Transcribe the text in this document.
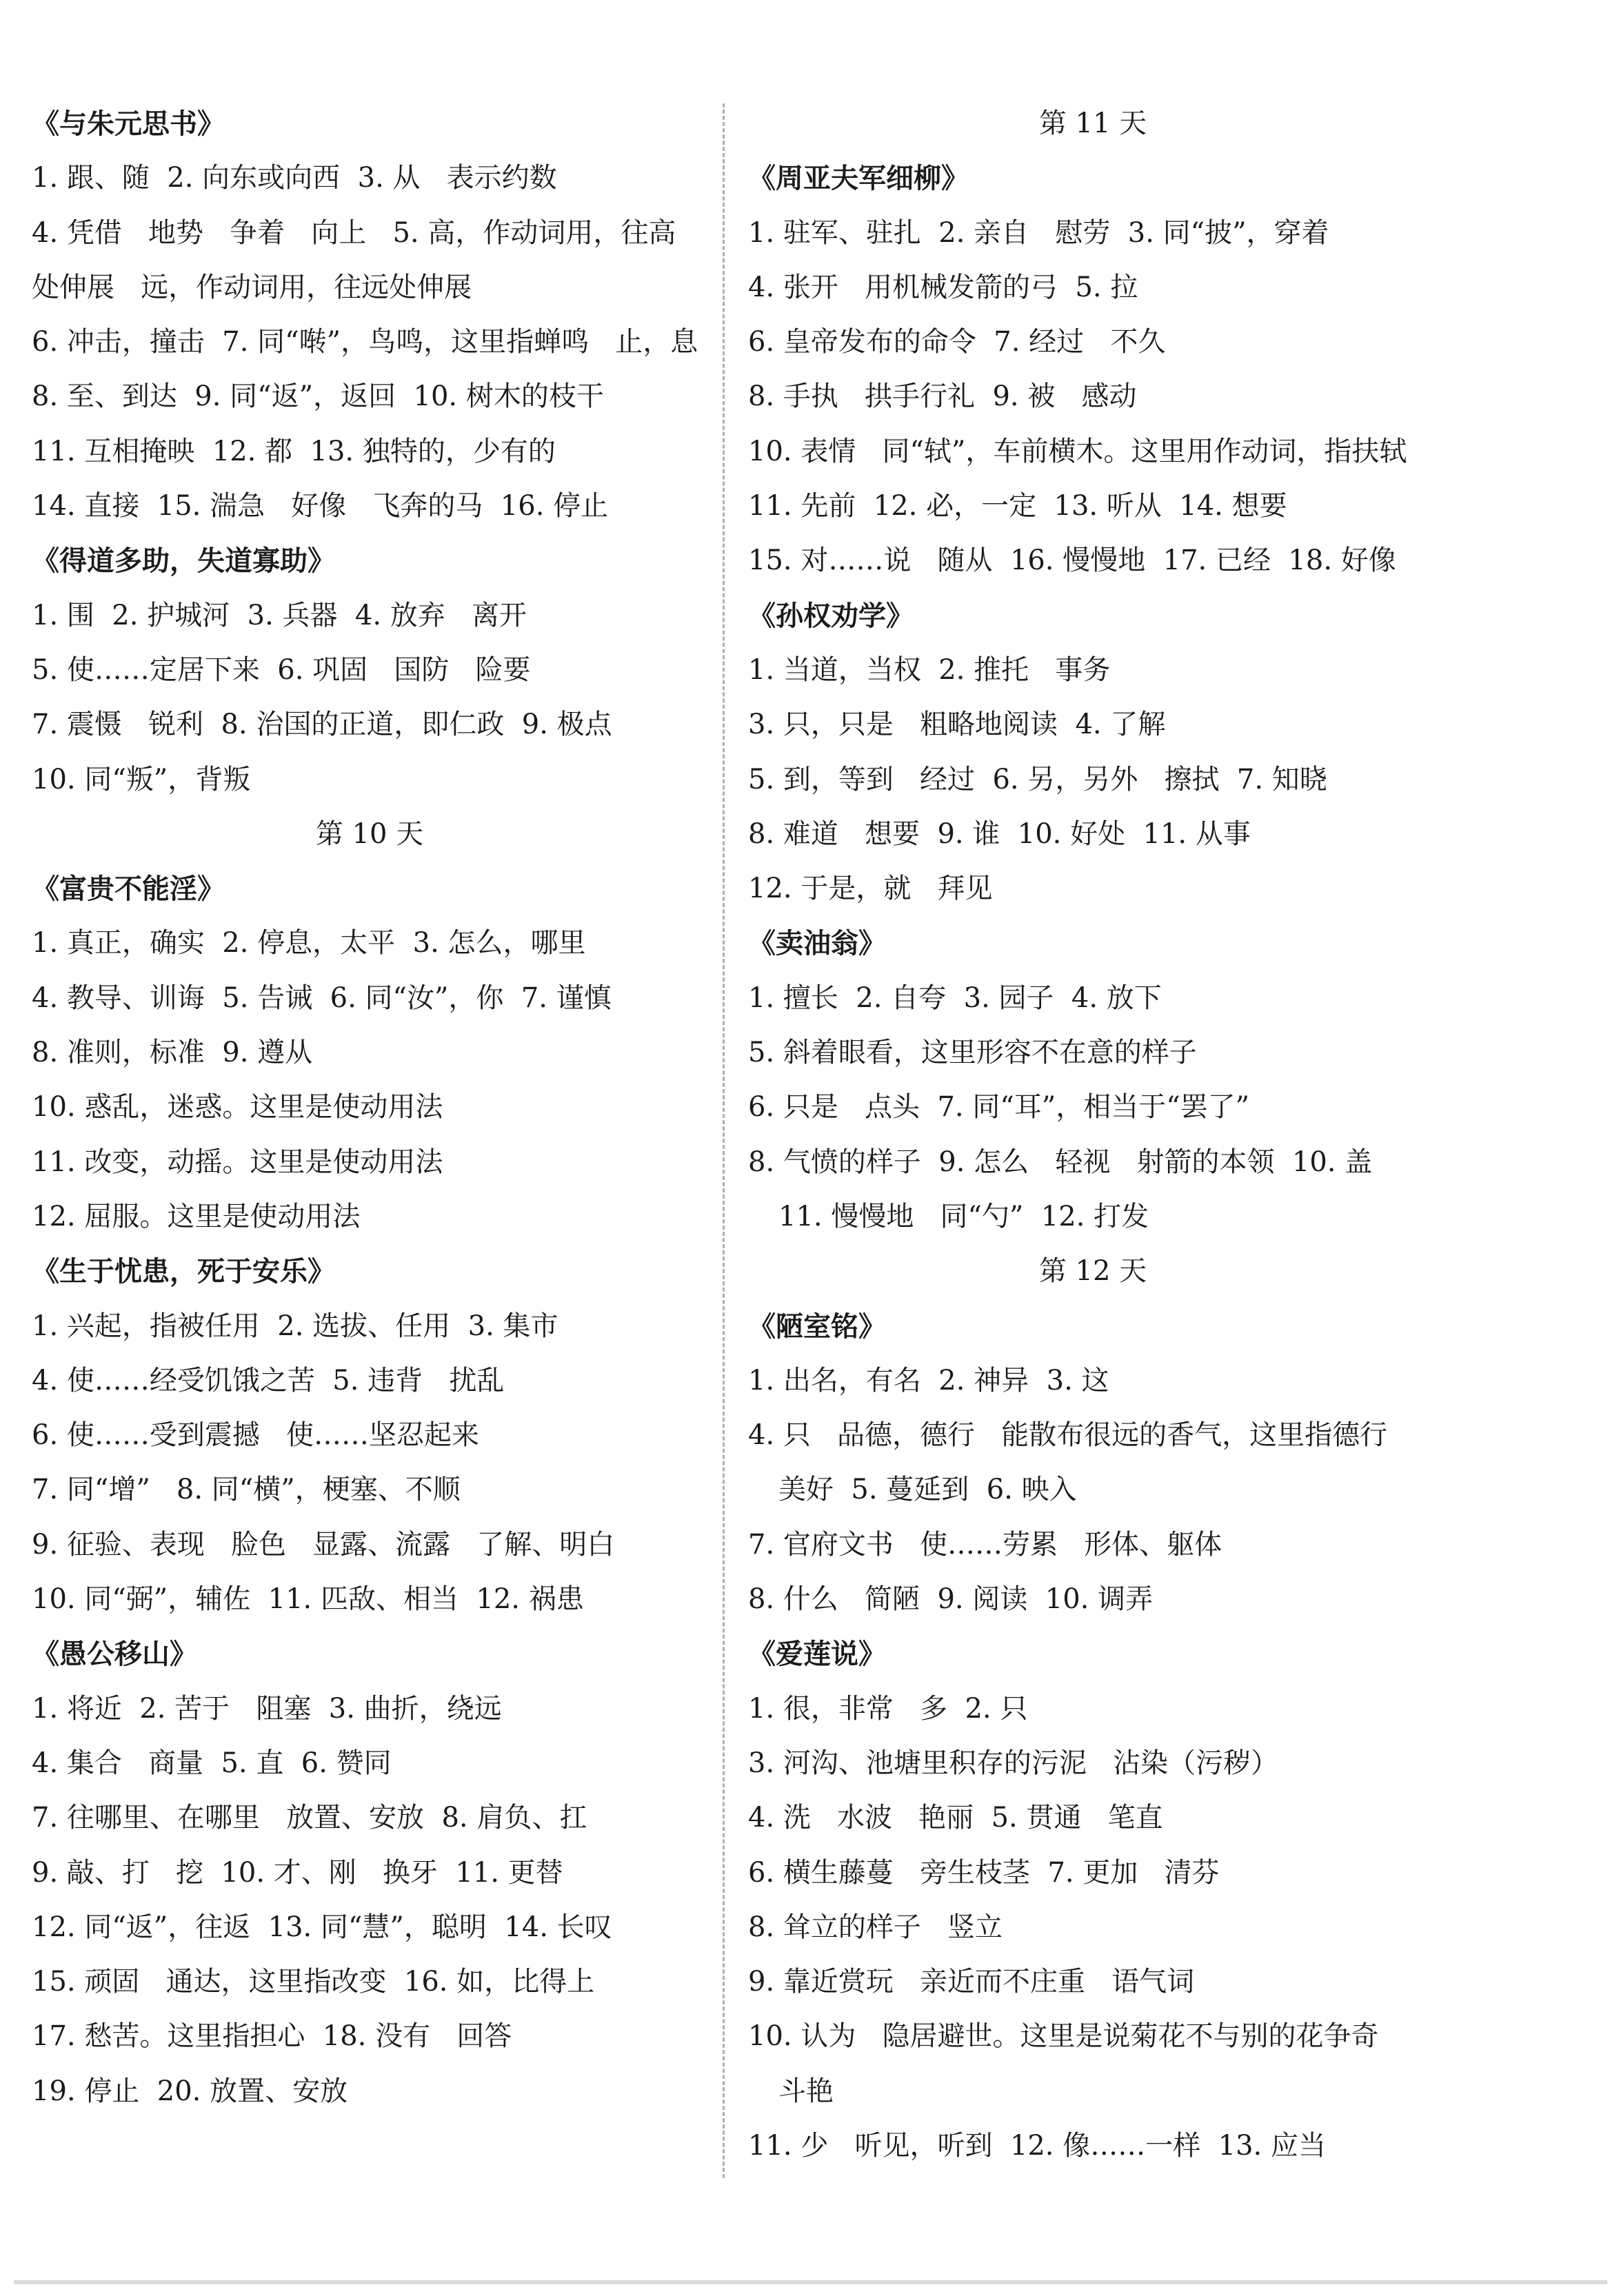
《与朱元思书》
1. 跟、随  2. 向东或向西  3. 从   表示约数
4. 凭借   地势   争着   向上   5. 高，作动词用，往高
处伸展   远，作动词用，往远处伸展
6. 冲击，撞击  7. 同“啭”，鸟鸣，这里指蝉鸣   止，息
8. 至、到达  9. 同“返”，返回  10. 树木的枝干
11. 互相掩映  12. 都  13. 独特的，少有的
14. 直接  15. 湍急   好像   飞奔的马  16. 停止
《得道多助，失道寡助》
1. 围  2. 护城河  3. 兵器  4. 放弃   离开
5. 使……定居下来  6. 巩固   国防   险要
7. 震慑   锐利  8. 治国的正道，即仁政  9. 极点
10. 同“叛”，背叛
第 10 天
《富贵不能淫》
1. 真正，确实  2. 停息，太平  3. 怎么，哪里
4. 教导、训诲  5. 告诫  6. 同“汝”，你  7. 谨慎
8. 准则，标准  9. 遵从
10. 惑乱，迷惑。这里是使动用法
11. 改变，动摇。这里是使动用法
12. 屈服。这里是使动用法
《生于忧患，死于安乐》
1. 兴起，指被任用  2. 选拔、任用  3. 集市
4. 使……经受饥饿之苦  5. 违背   扰乱
6. 使……受到震撼   使……坚忍起来
7. 同“增”   8. 同“横”，梗塞、不顺
9. 征验、表现   脸色   显露、流露   了解、明白
10. 同“弼”，辅佐  11. 匹敌、相当  12. 祸患
《愚公移山》
1. 将近  2. 苦于   阻塞  3. 曲折，绕远
4. 集合   商量  5. 直  6. 赞同
7. 往哪里、在哪里   放置、安放  8. 肩负、扛
9. 敲、打   挖  10. 才、刚   换牙  11. 更替
12. 同“返”，往返  13. 同“慧”，聪明  14. 长叹
15. 顽固   通达，这里指改变  16. 如，比得上
17. 愁苦。这里指担心  18. 没有   回答
19. 停止  20. 放置、安放
第 11 天
《周亚夫军细柳》
1. 驻军、驻扎  2. 亲自   慰劳  3. 同“披”，穿着
4. 张开   用机械发箭的弓  5. 拉
6. 皇帝发布的命令  7. 经过   不久
8. 手执   拱手行礼  9. 被   感动
10. 表情   同“轼”，车前横木。这里用作动词，指扶轼
11. 先前  12. 必，一定  13. 听从  14. 想要
15. 对……说   随从  16. 慢慢地  17. 已经  18. 好像
《孙权劝学》
1. 当道，当权  2. 推托   事务
3. 只，只是   粗略地阅读  4. 了解
5. 到，等到   经过  6. 另，另外   擦拭  7. 知晓
8. 难道   想要  9. 谁  10. 好处  11. 从事
12. 于是，就   拜见
《卖油翁》
1. 擅长  2. 自夸  3. 园子  4. 放下
5. 斜着眼看，这里形容不在意的样子
6. 只是   点头  7. 同“耳”，相当于“罢了”
8. 气愤的样子  9. 怎么   轻视   射箭的本领  10. 盖
11. 慢慢地   同“勺”  12. 打发
第 12 天
《陋室铭》
1. 出名，有名  2. 神异  3. 这
4. 只   品德，德行   能散布很远的香气，这里指德行
美好  5. 蔓延到  6. 映入
7. 官府文书   使……劳累   形体、躯体
8. 什么   简陋  9. 阅读  10. 调弄
《爱莲说》
1. 很，非常   多  2. 只
3. 河沟、池塘里积存的污泥   沾染（污秽）
4. 洗   水波   艳丽  5. 贯通   笔直
6. 横生藤蔓   旁生枝茎  7. 更加   清芬
8. 耸立的样子   竖立
9. 靠近赏玩   亲近而不庄重   语气词
10. 认为   隐居避世。这里是说菊花不与别的花争奇
斗艳
11. 少   听见，听到  12. 像……一样  13. 应当
